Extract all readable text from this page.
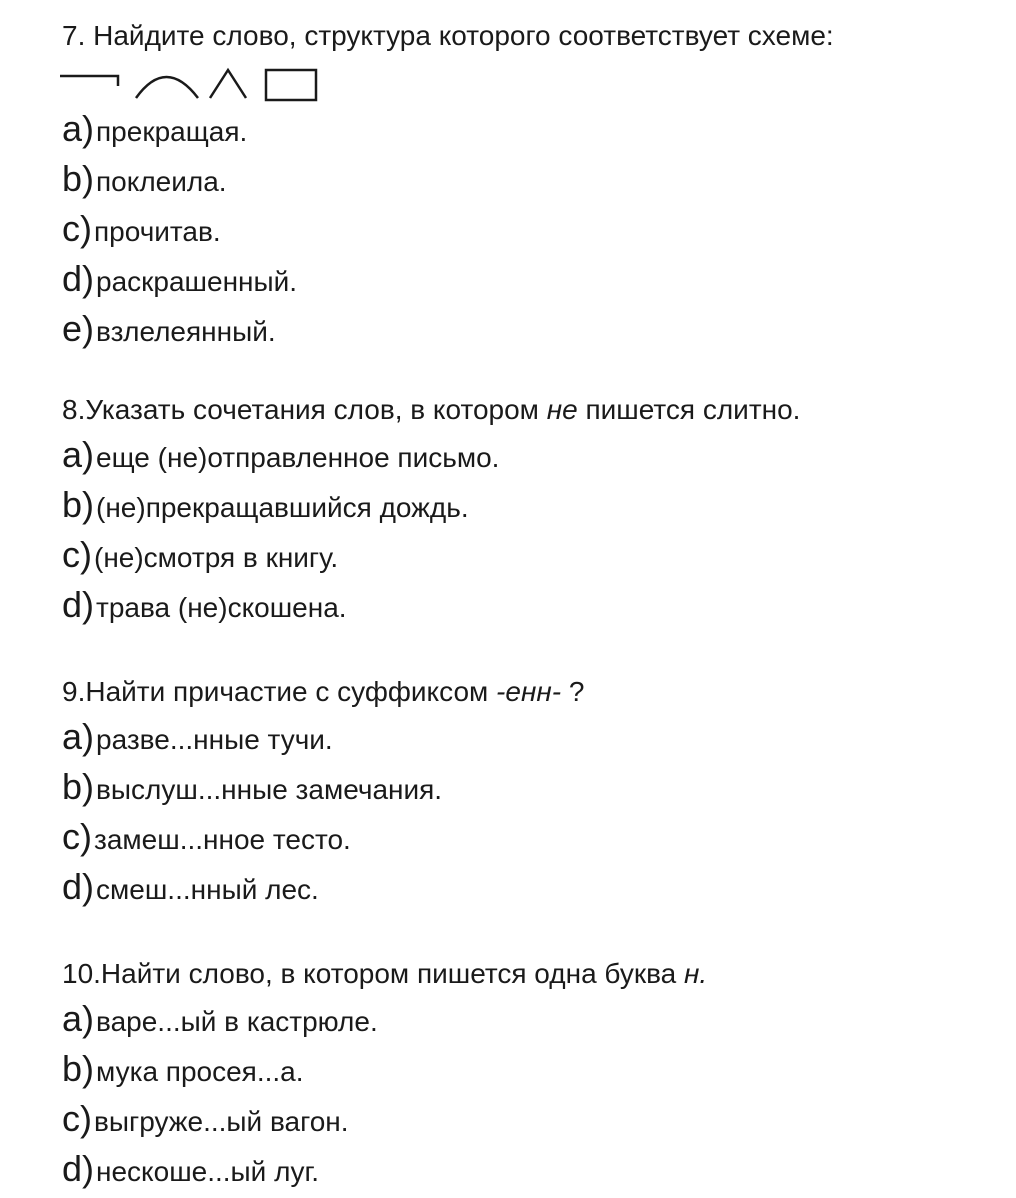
7. Найдите слово, структура которого соответствует схеме:
a) прекращая.
b) поклеила.
c) прочитав.
d) раскрашенный.
e) взлелеянный.
8.Указать сочетания слов, в котором не пишется слитно.
a) еще (не)отправленное письмо.
b) (не)прекращавшийся дождь.
c) (не)смотря в книгу.
d) трава (не)скошена.
9.Найти причастие с суффиксом -енн- ?
a) разве...нные тучи.
b) выслуш...нные замечания.
c) замеш...нное тесто.
d) смеш...нный лес.
10.Найти слово, в котором пишется одна буква н.
a) варе...ый в кастрюле.
b) мука просея...а.
c) выгруже...ый вагон.
d) нескоше...ый луг.
